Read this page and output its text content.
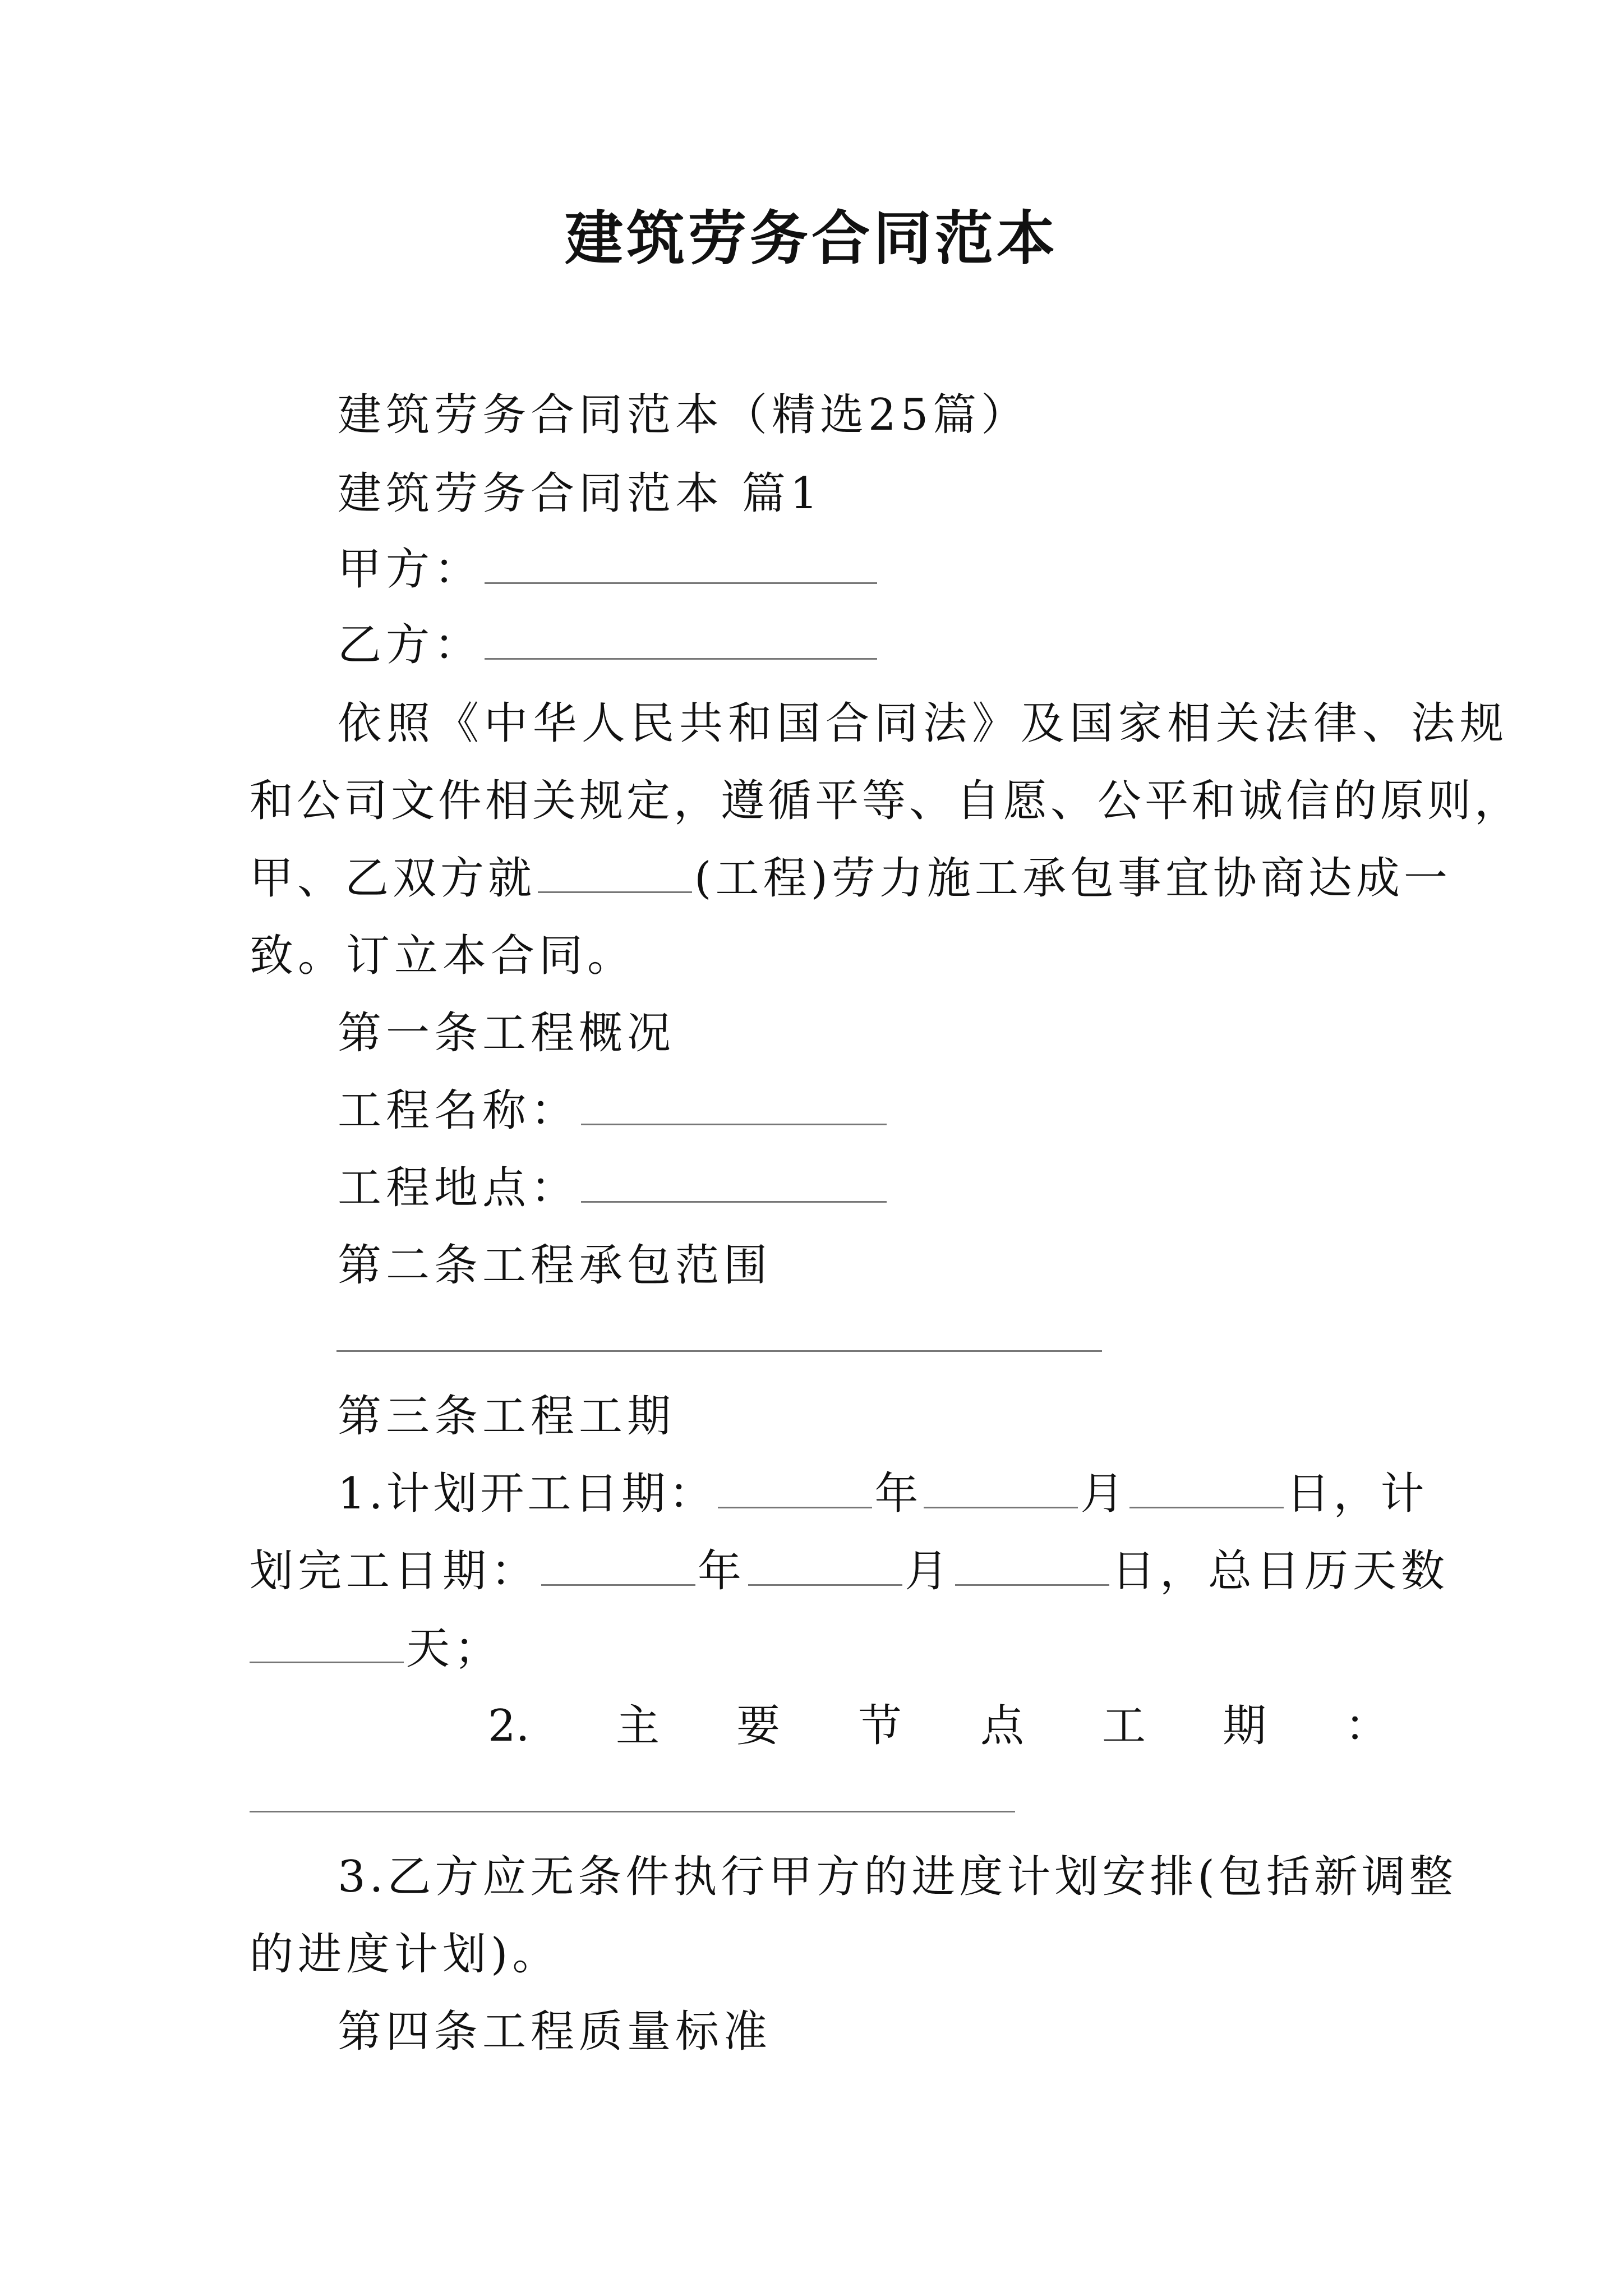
建筑劳务合同范本
建筑劳务合同范本（精选25篇）
建筑劳务合同范本 篇1
甲方：
乙方：
依照《中华人民共和国合同法》及国家相关法律、法规
和公司文件相关规定，遵循平等、自愿、公平和诚信的原则，
甲、乙双方就	(工程)劳力施工承包事宜协商达成一
致。订立本合同。
第一条工程概况
工程名称：
工程地点：
第二条工程承包范围
第三条工程工期
1.计划开工日期：	年	月	日，计
划完工日期：	年	月	日，总日历天数
天；
2. 主 要 节 点 工 期 ：
3.乙方应无条件执行甲方的进度计划安排(包括新调整
的进度计划)。
第四条工程质量标准
